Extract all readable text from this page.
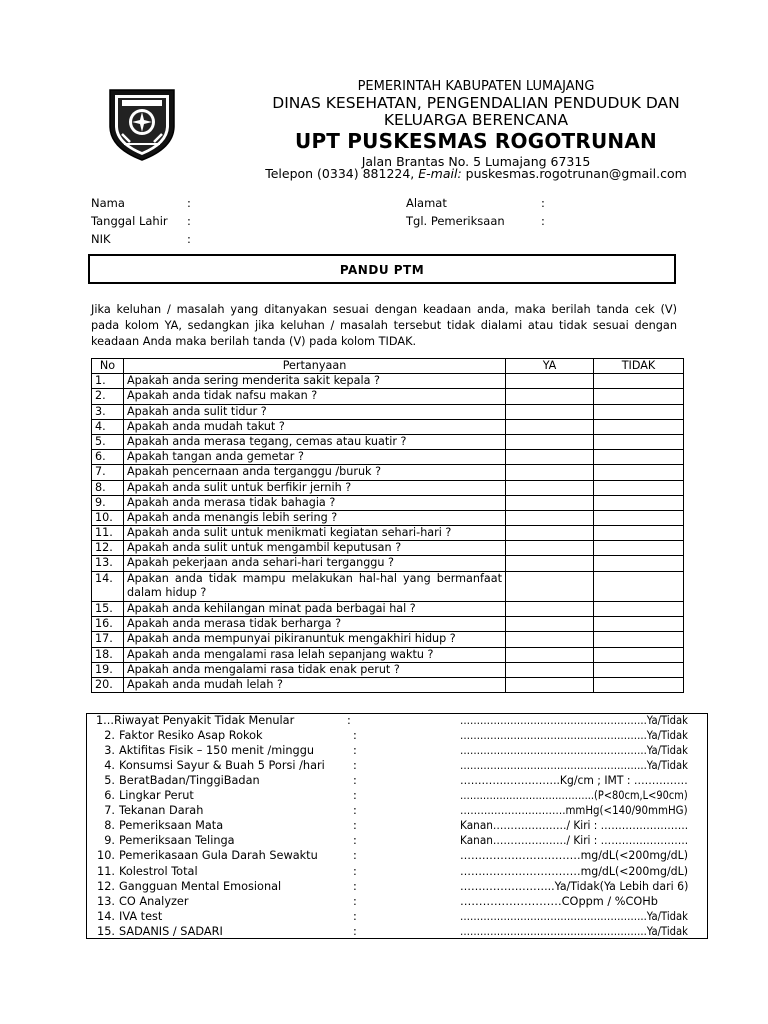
PEMERINTAH KABUPATEN LUMAJANG
DINAS KESEHATAN, PENGENDALIAN PENDUDUK DAN
KELUARGA BERENCANA
UPT PUSKESMAS ROGOTRUNAN
Jalan Brantas No. 5 Lumajang 67315
Telepon (0334) 881224, E-mail: puskesmas.rogotrunan@gmail.com
Nama	:
Tanggal Lahir :
NIK	:
Alamat	:
Tgl. Pemeriksaan	:
PANDU PTM
Jika keluhan / masalah yang ditanyakan sesuai dengan keadaan anda, maka berilah tanda cek (V) pada kolom YA, sedangkan jika keluhan / masalah tersebut tidak dialami atau tidak sesuai dengan keadaan Anda maka berilah tanda (V) pada kolom TIDAK.
No	Pertanyaan	YA	TIDAK
1.	Apakah anda sering menderita sakit kepala ?		
2.	Apakah anda tidak nafsu makan ?		
3.	Apakah anda sulit tidur ?		
4.	Apakah anda mudah takut ?		
5.	Apakah anda merasa tegang, cemas atau kuatir ?		
6.	Apakah tangan anda gemetar ?		
7.	Apakah pencernaan anda terganggu /buruk ?		
8.	Apakah anda sulit untuk berfikir jernih ?		
9.	Apakah anda merasa tidak bahagia ?		
10.	Apakah anda menangis lebih sering ?		
11.	Apakah anda sulit untuk menikmati kegiatan sehari-hari ?		
12.	Apakah anda sulit untuk mengambil keputusan ?		
13.	Apakah pekerjaan anda sehari-hari terganggu ?		
14.	Apakan anda tidak mampu melakukan hal-hal yang bermanfaat dalam hidup ?		
15.	Apakah anda kehilangan minat pada berbagai hal ?		
16.	Apakah anda merasa tidak berharga ?		
17.	Apakah anda mempunyai pikiranuntuk mengakhiri hidup ?		
18.	Apakah anda mengalami rasa lelah sepanjang waktu ?		
19.	Apakah anda mengalami rasa tidak enak perut ?		
20.	Apakah anda mudah lelah ?		
1... Riwayat Penyakit Tidak Menular	:	………………………………………………..Ya/Tidak
2. Faktor Resiko Asap Rokok	:	………………………………………………..Ya/Tidak
3. Aktifitas Fisik – 150 menit /minggu	:	………………………………………………..Ya/Tidak
4. Konsumsi Sayur & Buah 5 Porsi /hari :	………………………………………………..Ya/Tidak
5. BeratBadan/TinggiBadan	:	………….…….……..Kg/cm ; IMT : ……………
6. Lingkar Perut	:	…………………………………..(P<80cm,L<90cm)
7. Tekanan Darah	:	………………………….mmHg(<140/90mmHG)
8. Pemeriksaan Mata	:	Kanan…………………/ Kiri : …………………….
9. Pemeriksaan Telinga	:	Kanan…………………/ Kiri : …………………….
10. Pemerikasaan Gula Darah Sewaktu	:	……………………………mg/dL(<200mg/dL)
11. Kolestrol Total	:	……………………………mg/dL(<200mg/dL)
12. Gangguan Mental Emosional	:	……………………..Ya/Tidak(Ya Lebih dari 6)
13. CO Analyzer	:	………………………COppm / %COHb
14. IVA test	:	………………………………………………..Ya/Tidak
15. SADANIS / SADARI	:	………………………………………………..Ya/Tidak
